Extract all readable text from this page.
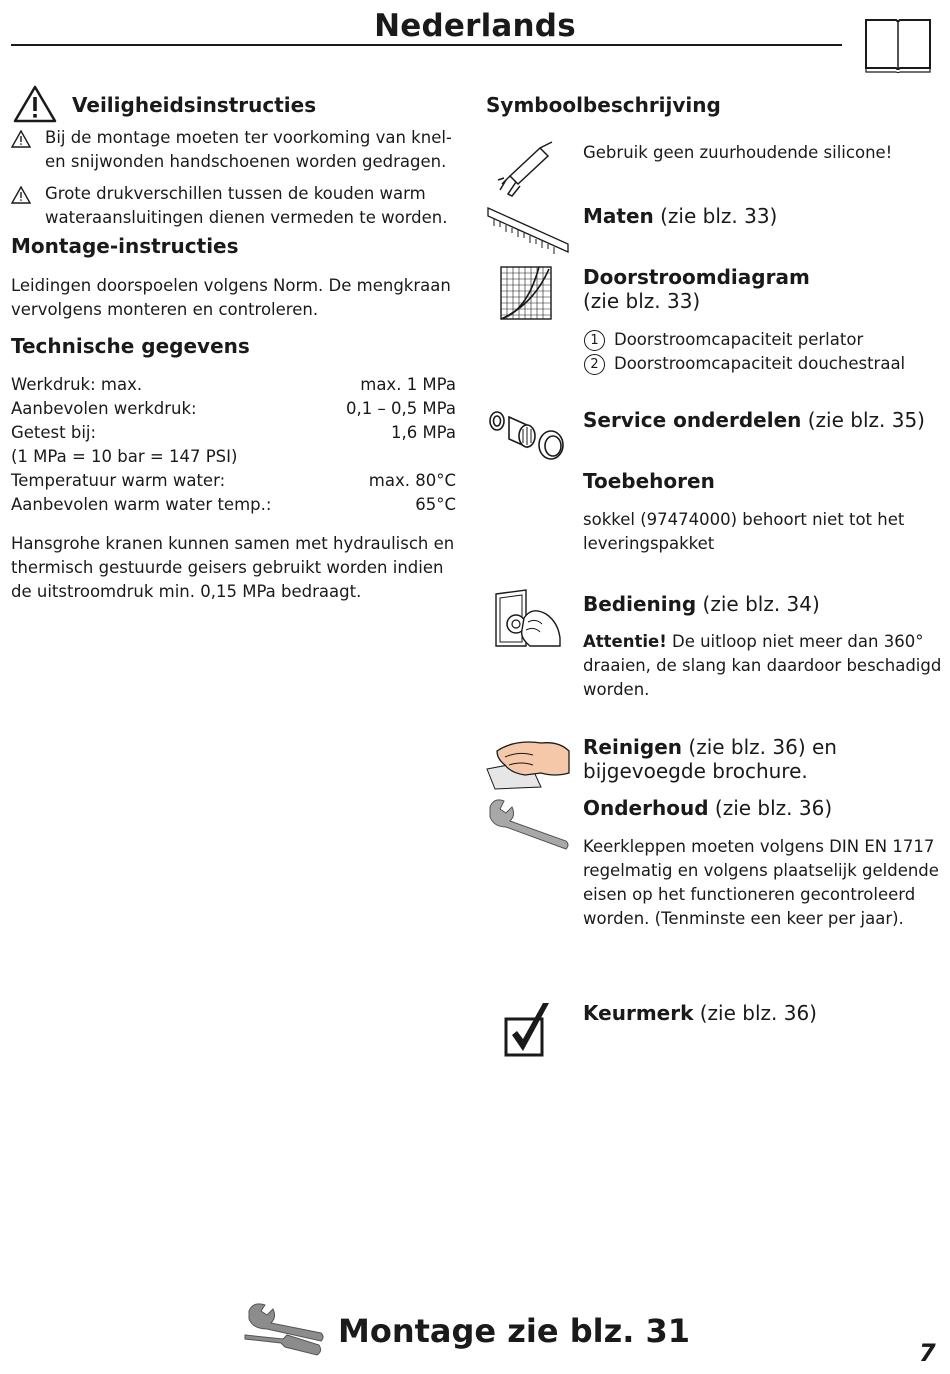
Nederlands
Veiligheidsinstructies
Bij de montage moeten ter voorkoming van knel- en snijwonden handschoenen worden gedragen.
Grote drukverschillen tussen de kouden warm wateraansluitingen dienen vermeden te worden.
Montage-instructies
Leidingen doorspoelen volgens Norm. De mengkraan vervolgens monteren en controleren.
Technische gegevens
Werkdruk: max.	max. 1 MPa
Aanbevolen werkdruk:	0,1 – 0,5 MPa
Getest bij:	1,6 MPa
(1 MPa = 10 bar = 147 PSI)
Temperatuur warm water:	max. 80°C
Aanbevolen warm water temp.:	65°C
Hansgrohe kranen kunnen samen met hydraulisch en thermisch gestuurde geisers gebruikt worden indien de uitstroomdruk min. 0,15 MPa bedraagt.
Symboolbeschrijving
Gebruik geen zuurhoudende silicone!
Maten (zie blz. 33)
Doorstroomdiagram
(zie blz. 33)
1 Doorstroomcapaciteit perlator
2 Doorstroomcapaciteit douchestraal
Service onderdelen (zie blz. 35)
Toebehoren
sokkel (97474000) behoort niet tot het leveringspakket
Bediening (zie blz. 34)
Attentie! De uitloop niet meer dan 360° draaien, de slang kan daardoor beschadigd worden.
Reinigen (zie blz. 36) en
bijgevoegde brochure.
Onderhoud (zie blz. 36)
Keerkleppen moeten volgens DIN EN 1717 regelmatig en volgens plaatselijk geldende eisen op het functioneren gecontroleerd worden. (Tenminste een keer per jaar).
Keurmerk (zie blz. 36)
Montage zie blz. 31
7
